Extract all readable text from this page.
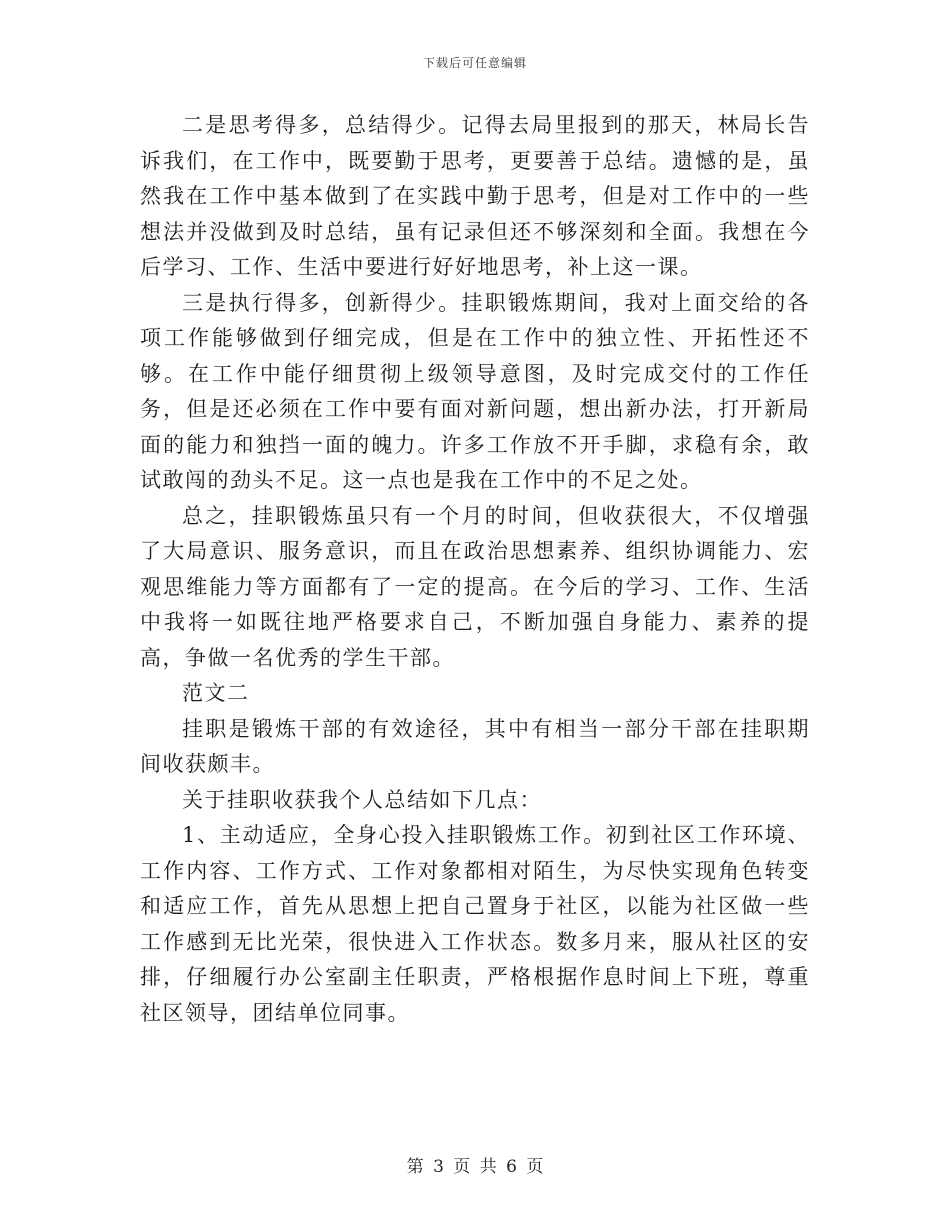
下载后可任意编辑

二是思考得多，总结得少。记得去局里报到的那天，林局长告诉我们，在工作中，既要勤于思考，更要善于总结。遗憾的是，虽然我在工作中基本做到了在实践中勤于思考，但是对工作中的一些想法并没做到及时总结，虽有记录但还不够深刻和全面。我想在今后学习、工作、生活中要进行好好地思考，补上这一课。

三是执行得多，创新得少。挂职锻炼期间，我对上面交给的各项工作能够做到仔细完成，但是在工作中的独立性、开拓性还不够。在工作中能仔细贯彻上级领导意图，及时完成交付的工作任务，但是还必须在工作中要有面对新问题，想出新办法，打开新局面的能力和独挡一面的魄力。许多工作放不开手脚，求稳有余，敢试敢闯的劲头不足。这一点也是我在工作中的不足之处。

总之，挂职锻炼虽只有一个月的时间，但收获很大，不仅增强了大局意识、服务意识，而且在政治思想素养、组织协调能力、宏观思维能力等方面都有了一定的提高。在今后的学习、工作、生活中我将一如既往地严格要求自己，不断加强自身能力、素养的提高，争做一名优秀的学生干部。

范文二

挂职是锻炼干部的有效途径，其中有相当一部分干部在挂职期间收获颇丰。

关于挂职收获我个人总结如下几点：

1、主动适应，全身心投入挂职锻炼工作。初到社区工作环境、工作内容、工作方式、工作对象都相对陌生，为尽快实现角色转变和适应工作，首先从思想上把自己置身于社区，以能为社区做一些工作感到无比光荣，很快进入工作状态。数多月来，服从社区的安排，仔细履行办公室副主任职责，严格根据作息时间上下班，尊重社区领导，团结单位同事。

第 3 页 共 6 页
